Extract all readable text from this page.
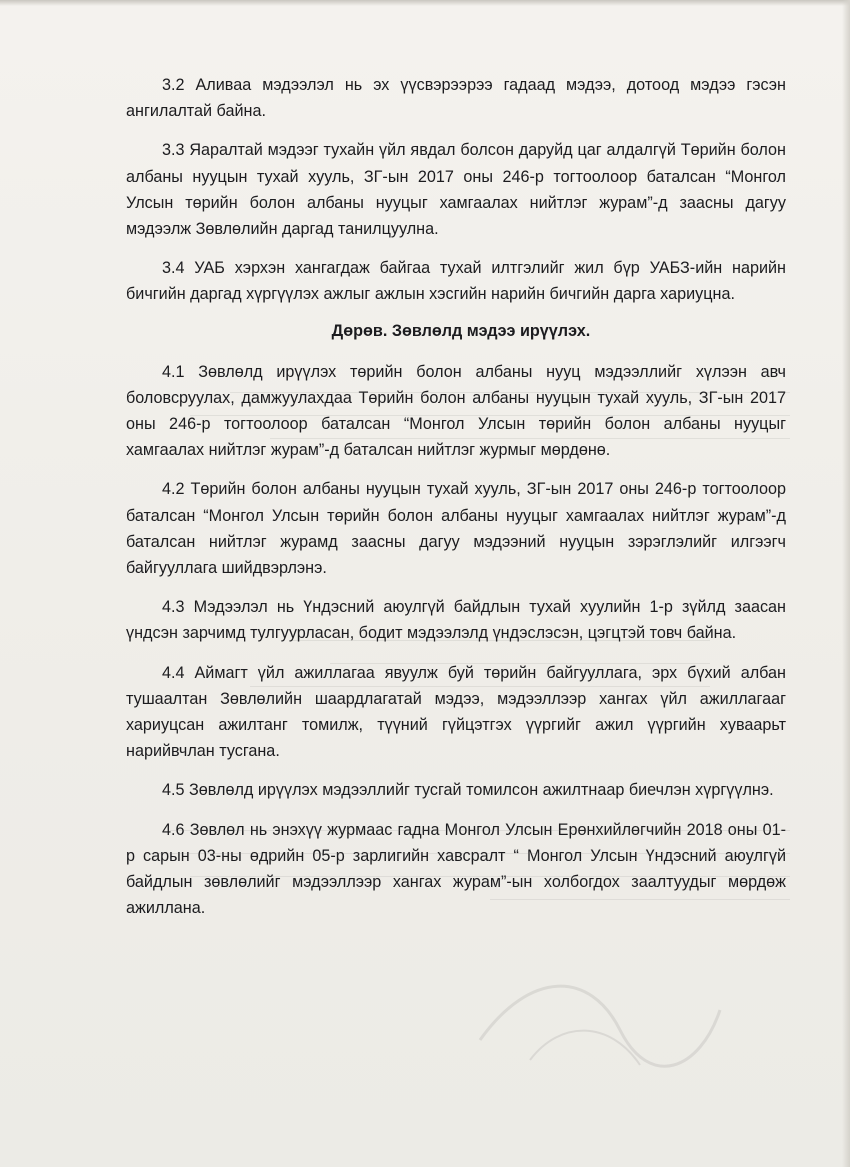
3.2 Аливаа мэдээлэл нь эх үүсвэрээрээ гадаад мэдээ, дотоод мэдээ гэсэн ангилалтай байна.

3.3 Яаралтай мэдээг тухайн үйл явдал болсон даруйд цаг алдалгүй Төрийн болон албаны нууцын тухай хууль, ЗГ-ын 2017 оны 246-р тогтоолоор баталсан “Монгол Улсын төрийн болон албаны нууцыг хамгаалах нийтлэг журам”-д заасны дагуу мэдээлж Зөвлөлийн даргад танилцуулна.

3.4 УАБ хэрхэн хангагдаж байгаа тухай илтгэлийг жил бүр УАБЗ-ийн нарийн бичгийн даргад хүргүүлэх ажлыг ажлын хэсгийн нарийн бичгийн дарга хариуцна.

Дөрөв. Зөвлөлд мэдээ ирүүлэх.

4.1 Зөвлөлд ирүүлэх төрийн болон албаны нууц мэдээллийг хүлээн авч боловсруулах, дамжуулахдаа Төрийн болон албаны нууцын тухай хууль, ЗГ-ын 2017 оны 246-р тогтоолоор баталсан “Монгол Улсын төрийн болон албаны нууцыг хамгаалах нийтлэг журам”-д баталсан нийтлэг журмыг мөрдөнө.

4.2 Төрийн болон албаны нууцын тухай хууль, ЗГ-ын 2017 оны 246-р тогтоолоор баталсан “Монгол Улсын төрийн болон албаны нууцыг хамгаалах нийтлэг журам”-д баталсан нийтлэг журамд заасны дагуу мэдээний нууцын зэрэглэлийг илгээгч байгууллага шийдвэрлэнэ.

4.3 Мэдээлэл нь Үндэсний аюулгүй байдлын тухай хуулийн 1-р зүйлд заасан үндсэн зарчимд тулгуурласан, бодит мэдээлэлд үндэслэсэн, цэгцтэй товч байна.

4.4 Аймагт үйл ажиллагаа явуулж буй төрийн байгууллага, эрх бүхий албан тушаалтан Зөвлөлийн шаардлагатай мэдээ, мэдээллээр хангах үйл ажиллагааг хариуцсан ажилтанг томилж, түүний гүйцэтгэх үүргийг ажил үүргийн хуваарьт нарийвчлан тусгана.

4.5 Зөвлөлд ирүүлэх мэдээллийг тусгай томилсон ажилтнаар биечлэн хүргүүлнэ.

4.6 Зөвлөл нь энэхүү журмаас гадна Монгол Улсын Ерөнхийлөгчийн 2018 оны 01-р сарын 03-ны өдрийн 05-р зарлигийн хавсралт “ Монгол Улсын Үндэсний аюулгүй байдлын зөвлөлийг мэдээллээр хангах журам”-ын холбогдох заалтуудыг мөрдөж ажиллана.
